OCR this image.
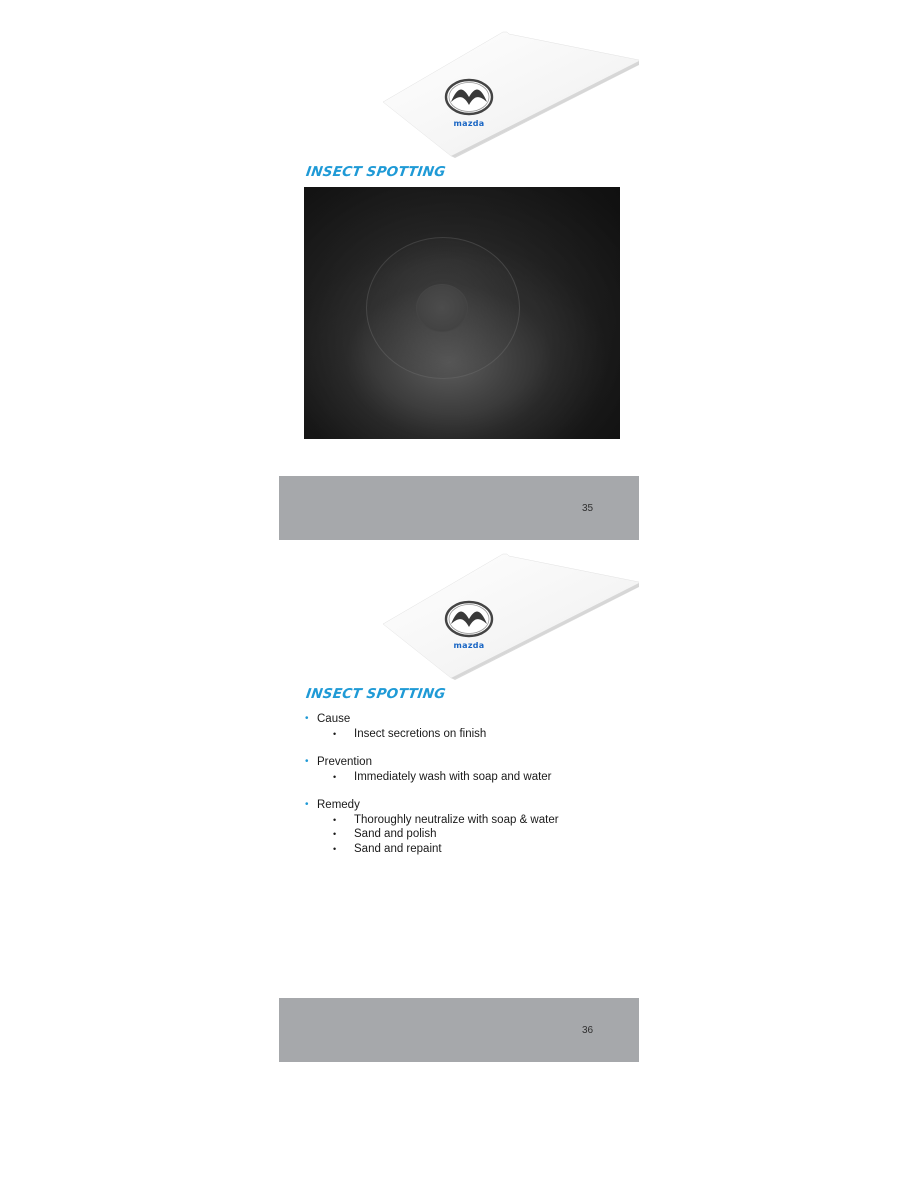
mazda
INSECT SPOTTING
35
mazda
INSECT SPOTTING
• Cause
• Insect secretions on finish
• Prevention
• Immediately wash with soap and water
• Remedy
• Thoroughly neutralize with soap & water
• Sand and polish
• Sand and repaint
36
